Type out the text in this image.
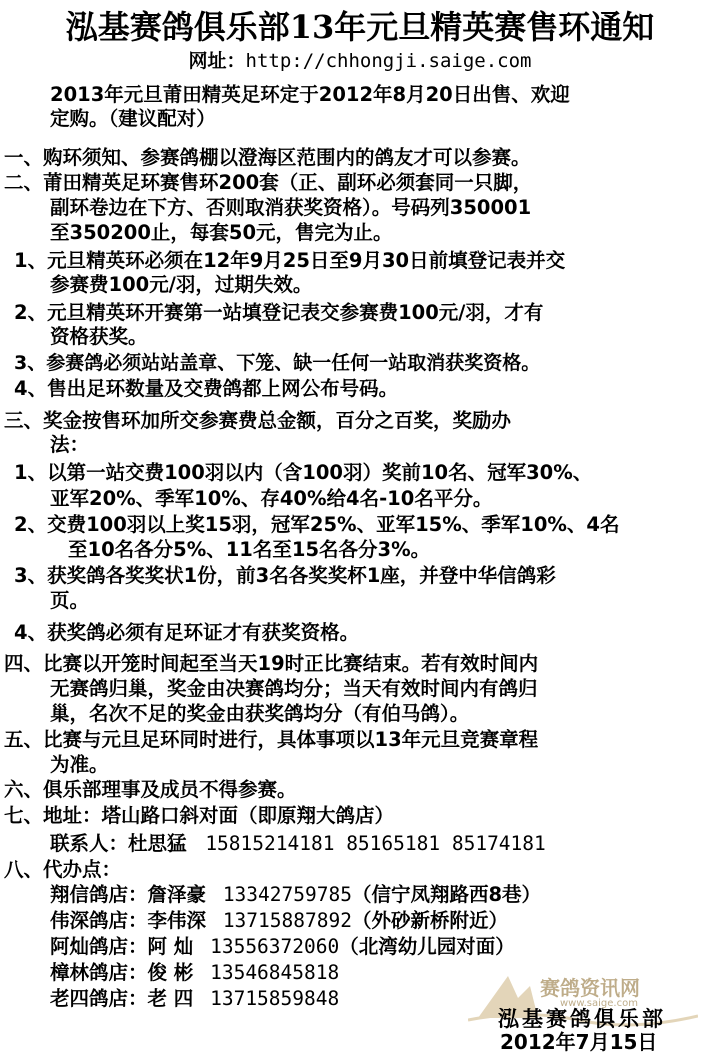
泓基赛鸽俱乐部13年元旦精英赛售环通知
网址：http://chhongji.saige.com
2013年元旦莆田精英足环定于2012年8月20日出售、欢迎
定购。（建议配对）
一、购环须知、参赛鸽棚以澄海区范围内的鸽友才可以参赛。
二、莆田精英足环赛售环200套（正、副环必须套同一只脚，
副环卷边在下方、否则取消获奖资格）。号码列350001
至350200止，每套50元，售完为止。
1、元旦精英环必须在12年9月25日至9月30日前填登记表并交
参赛费100元/羽，过期失效。
2、元旦精英环开赛第一站填登记表交参赛费100元/羽，才有
资格获奖。
3、参赛鸽必须站站盖章、下笼、缺一任何一站取消获奖资格。
4、售出足环数量及交费鸽都上网公布号码。
三、奖金按售环加所交参赛费总金额，百分之百奖，奖励办
法：
1、以第一站交费100羽以内（含100羽）奖前10名、冠军30%、
亚军20%、季军10%、存40%给4名-10名平分。
2、交费100羽以上奖15羽，冠军25%、亚军15%、季军10%、4名
至10名各分5%、11名至15名各分3%。
3、获奖鸽各奖奖状1份，前3名各奖奖杯1座，并登中华信鸽彩
页。
4、获奖鸽必须有足环证才有获奖资格。
四、比赛以开笼时间起至当天19时正比赛结束。若有效时间内
无赛鸽归巢，奖金由决赛鸽均分；当天有效时间内有鸽归
巢，名次不足的奖金由获奖鸽均分（有伯马鸽）。
五、比赛与元旦足环同时进行，具体事项以13年元旦竞赛章程
为准。
六、俱乐部理事及成员不得参赛。
七、地址：塔山路口斜对面（即原翔大鸽店）
联系人：杜思猛 15815214181 85165181 85174181
八、代办点：
翔信鸽店：詹泽豪 13342759785（信宁凤翔路西8巷）
伟深鸽店：李伟深 13715887892（外砂新桥附近）
阿灿鸽店：阿 灿 13556372060（北湾幼儿园对面）
樟林鸽店：俊 彬 13546845818
老四鸽店：老 四 13715859848	赛鸽资讯网
www.saige.com
泓基赛鸽俱乐部
2012年7月15日
